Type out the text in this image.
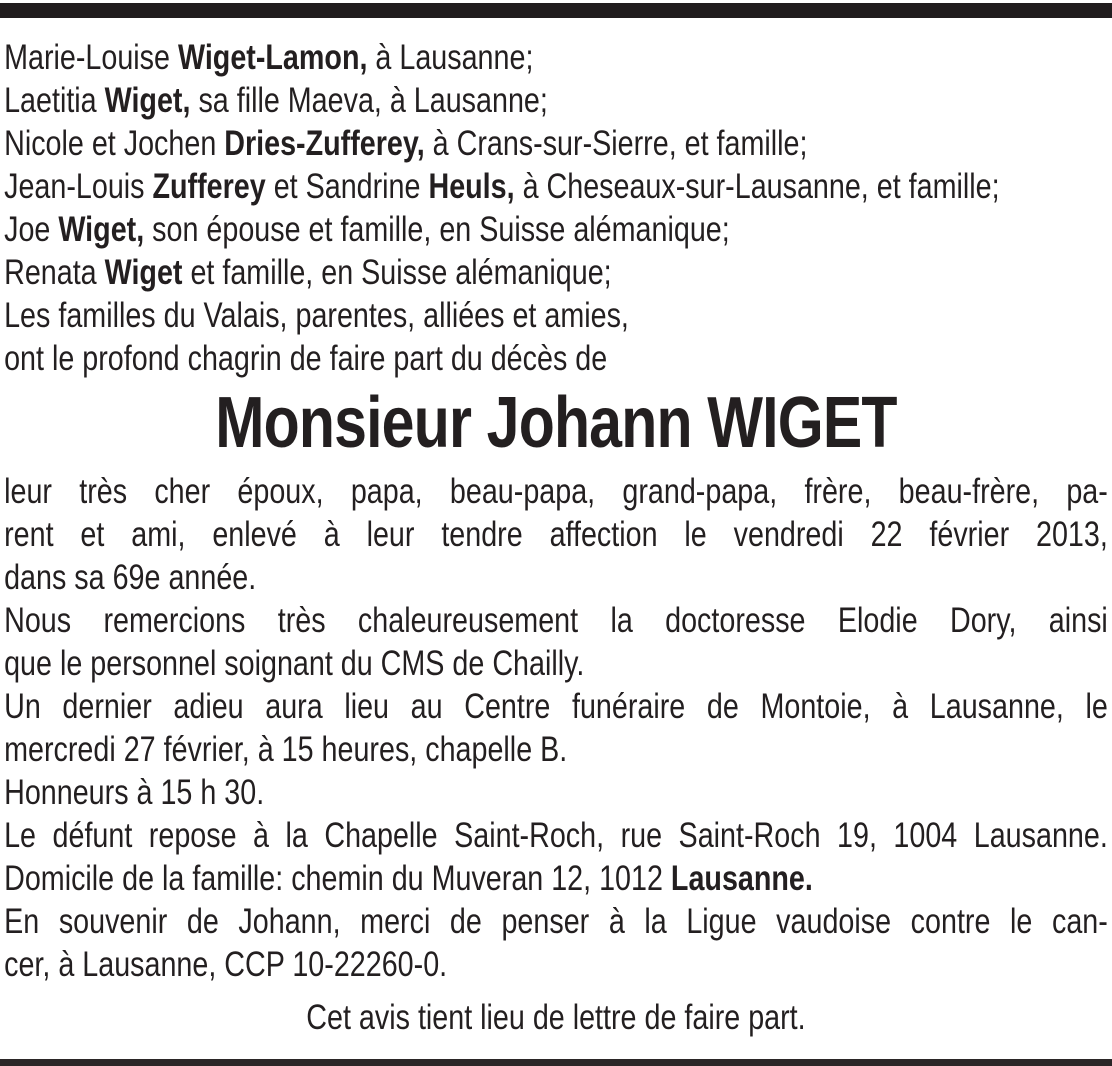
Marie-Louise Wiget-Lamon, à Lausanne;
Laetitia Wiget, sa fille Maeva, à Lausanne;
Nicole et Jochen Dries-Zufferey, à Crans-sur-Sierre, et famille;
Jean-Louis Zufferey et Sandrine Heuls, à Cheseaux-sur-Lausanne, et famille;
Joe Wiget, son épouse et famille, en Suisse alémanique;
Renata Wiget et famille, en Suisse alémanique;
Les familles du Valais, parentes, alliées et amies,
ont le profond chagrin de faire part du décès de
Monsieur Johann WIGET
leur très cher époux, papa, beau-papa, grand-papa, frère, beau-frère, pa-
rent et ami, enlevé à leur tendre affection le vendredi 22 février 2013,
dans sa 69e année.
Nous remercions très chaleureusement la doctoresse Elodie Dory, ainsi
que le personnel soignant du CMS de Chailly.
Un dernier adieu aura lieu au Centre funéraire de Montoie, à Lausanne, le
mercredi 27 février, à 15 heures, chapelle B.
Honneurs à 15 h 30.
Le défunt repose à la Chapelle Saint-Roch, rue Saint-Roch 19, 1004 Lausanne.
Domicile de la famille: chemin du Muveran 12, 1012 Lausanne.
En souvenir de Johann, merci de penser à la Ligue vaudoise contre le can-
cer, à Lausanne, CCP 10-22260-0.
Cet avis tient lieu de lettre de faire part.
